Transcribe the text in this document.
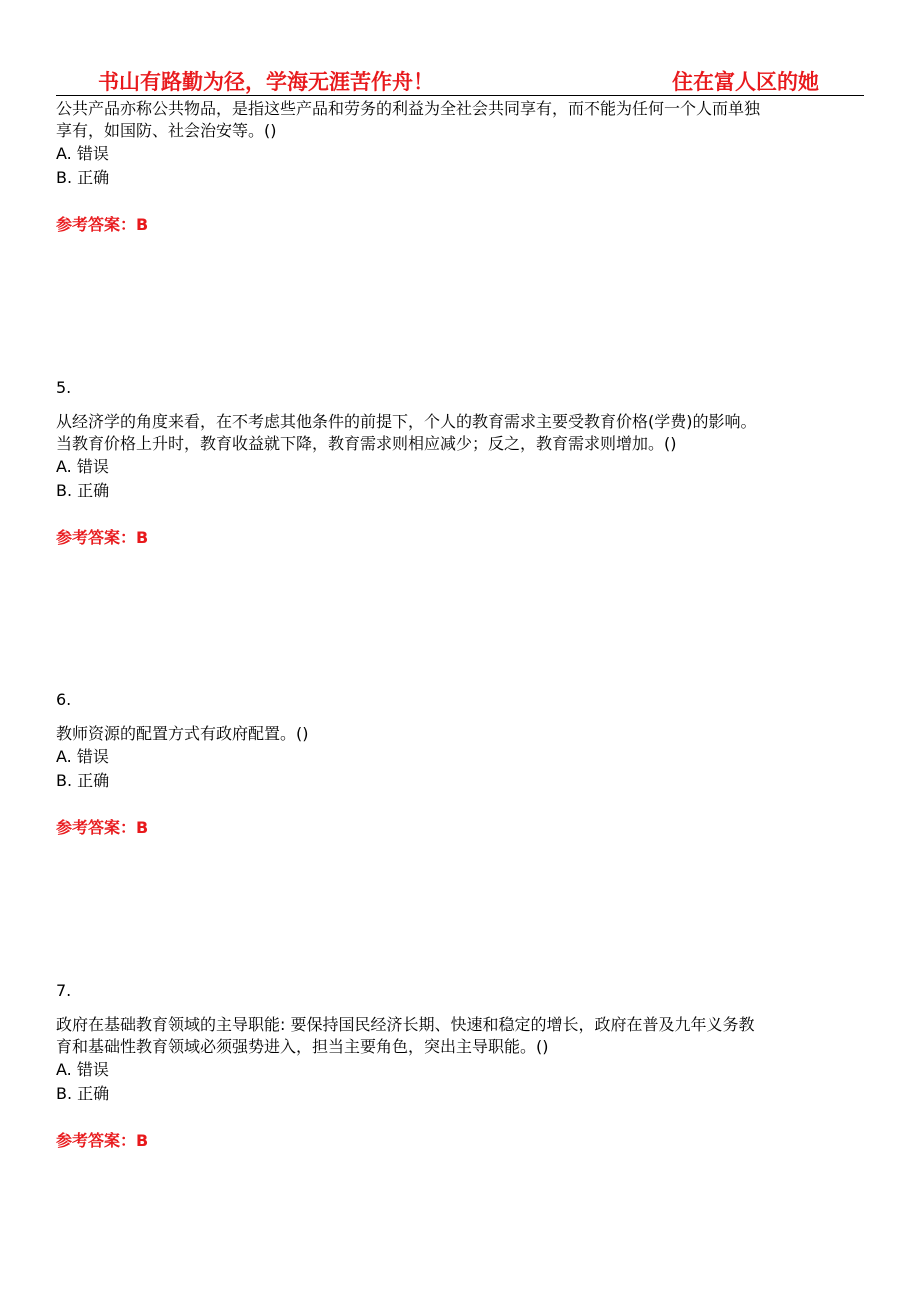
书山有路勤为径，学海无涯苦作舟！	住在富人区的她
公共产品亦称公共物品，是指这些产品和劳务的利益为全社会共同享有，而不能为任何一个人而单独
享有，如国防、社会治安等。()
A. 错误
B. 正确
参考答案：B
5.
从经济学的角度来看，在不考虑其他条件的前提下，个人的教育需求主要受教育价格(学费)的影响。
当教育价格上升时，教育收益就下降，教育需求则相应减少；反之，教育需求则增加。()
A. 错误
B. 正确
参考答案：B
6.
教师资源的配置方式有政府配置。()
A. 错误
B. 正确
参考答案：B
7.
政府在基础教育领域的主导职能: 要保持国民经济长期、快速和稳定的增长，政府在普及九年义务教
育和基础性教育领域必须强势进入，担当主要角色，突出主导职能。()
A. 错误
B. 正确
参考答案：B
